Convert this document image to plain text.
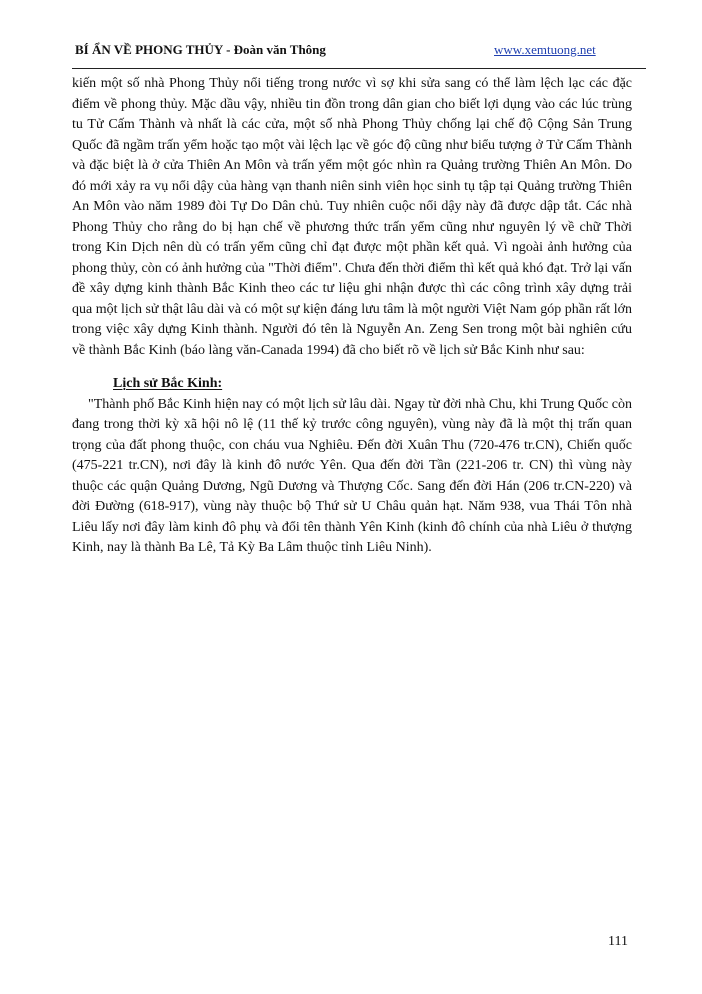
BÍ ẨN VỀ PHONG THỦY - Đoàn văn Thông	www.xemtuong.net

kiến một số nhà Phong Thủy nổi tiếng trong nước vì sợ khi sửa sang có thể làm lệch lạc các đặc điểm về phong thủy. Mặc dầu vậy, nhiều tin đồn trong dân gian cho biết lợi dụng vào các lúc trùng tu Tử Cấm Thành và nhất là các cửa, một số nhà Phong Thủy chống lại chế độ Cộng Sản Trung Quốc đã ngầm trấn yểm hoặc tạo một vài lệch lạc về góc độ cũng như biểu tượng ở Tử Cấm Thành và đặc biệt là ở cửa Thiên An Môn và trấn yểm một góc nhìn ra Quảng trường Thiên An Môn. Do đó mới xảy ra vụ nổi dậy của hàng vạn thanh niên sinh viên học sinh tụ tập tại Quảng trường Thiên An Môn vào năm 1989 đòi Tự Do Dân chủ. Tuy nhiên cuộc nổi dậy này đã được dập tắt. Các nhà Phong Thủy cho rằng do bị hạn chế về phương thức trấn yểm cũng như nguyên lý về chữ Thời trong Kin Dịch nên dù có trấn yểm cũng chỉ đạt được một phần kết quả. Vì ngoài ảnh hưởng của phong thủy, còn có ảnh hưởng của "Thời điểm". Chưa đến thời điểm thì kết quả khó đạt. Trở lại vấn đề xây dựng kinh thành Bắc Kinh theo các tư liệu ghi nhận được thì các công trình xây dựng trải qua một lịch sử thật lâu dài và có một sự kiện đáng lưu tâm là một người Việt Nam góp phần rất lớn trong việc xây dựng Kinh thành. Người đó tên là Nguyễn An. Zeng Sen trong một bài nghiên cứu về thành Bắc Kinh (báo làng văn-Canada 1994) đã cho biết rõ về lịch sử Bắc Kinh như sau:

Lịch sử Bắc Kinh:

"Thành phố Bắc Kinh hiện nay có một lịch sử lâu dài. Ngay từ đời nhà Chu, khi Trung Quốc còn đang trong thời kỳ xã hội nô lệ (11 thế kỷ trước công nguyên), vùng này đã là một thị trấn quan trọng của đất phong thuộc, con cháu vua Nghiêu. Đến đời Xuân Thu (720-476 tr.CN), Chiến quốc (475-221 tr.CN), nơi đây là kinh đô nước Yên. Qua đến đời Tần (221-206 tr. CN) thì vùng này thuộc các quận Quảng Dương, Ngũ Dương và Thượng Cốc. Sang đến đời Hán (206 tr.CN-220) và đời Đường (618-917), vùng này thuộc bộ Thứ sử U Châu quản hạt. Năm 938, vua Thái Tôn nhà Liêu lấy nơi đây làm kinh đô phụ và đổi tên thành Yên Kinh (kinh đô chính của nhà Liêu ở thượng Kinh, nay là thành Ba Lê, Tả Kỳ Ba Lâm thuộc tỉnh Liêu Ninh).

111
